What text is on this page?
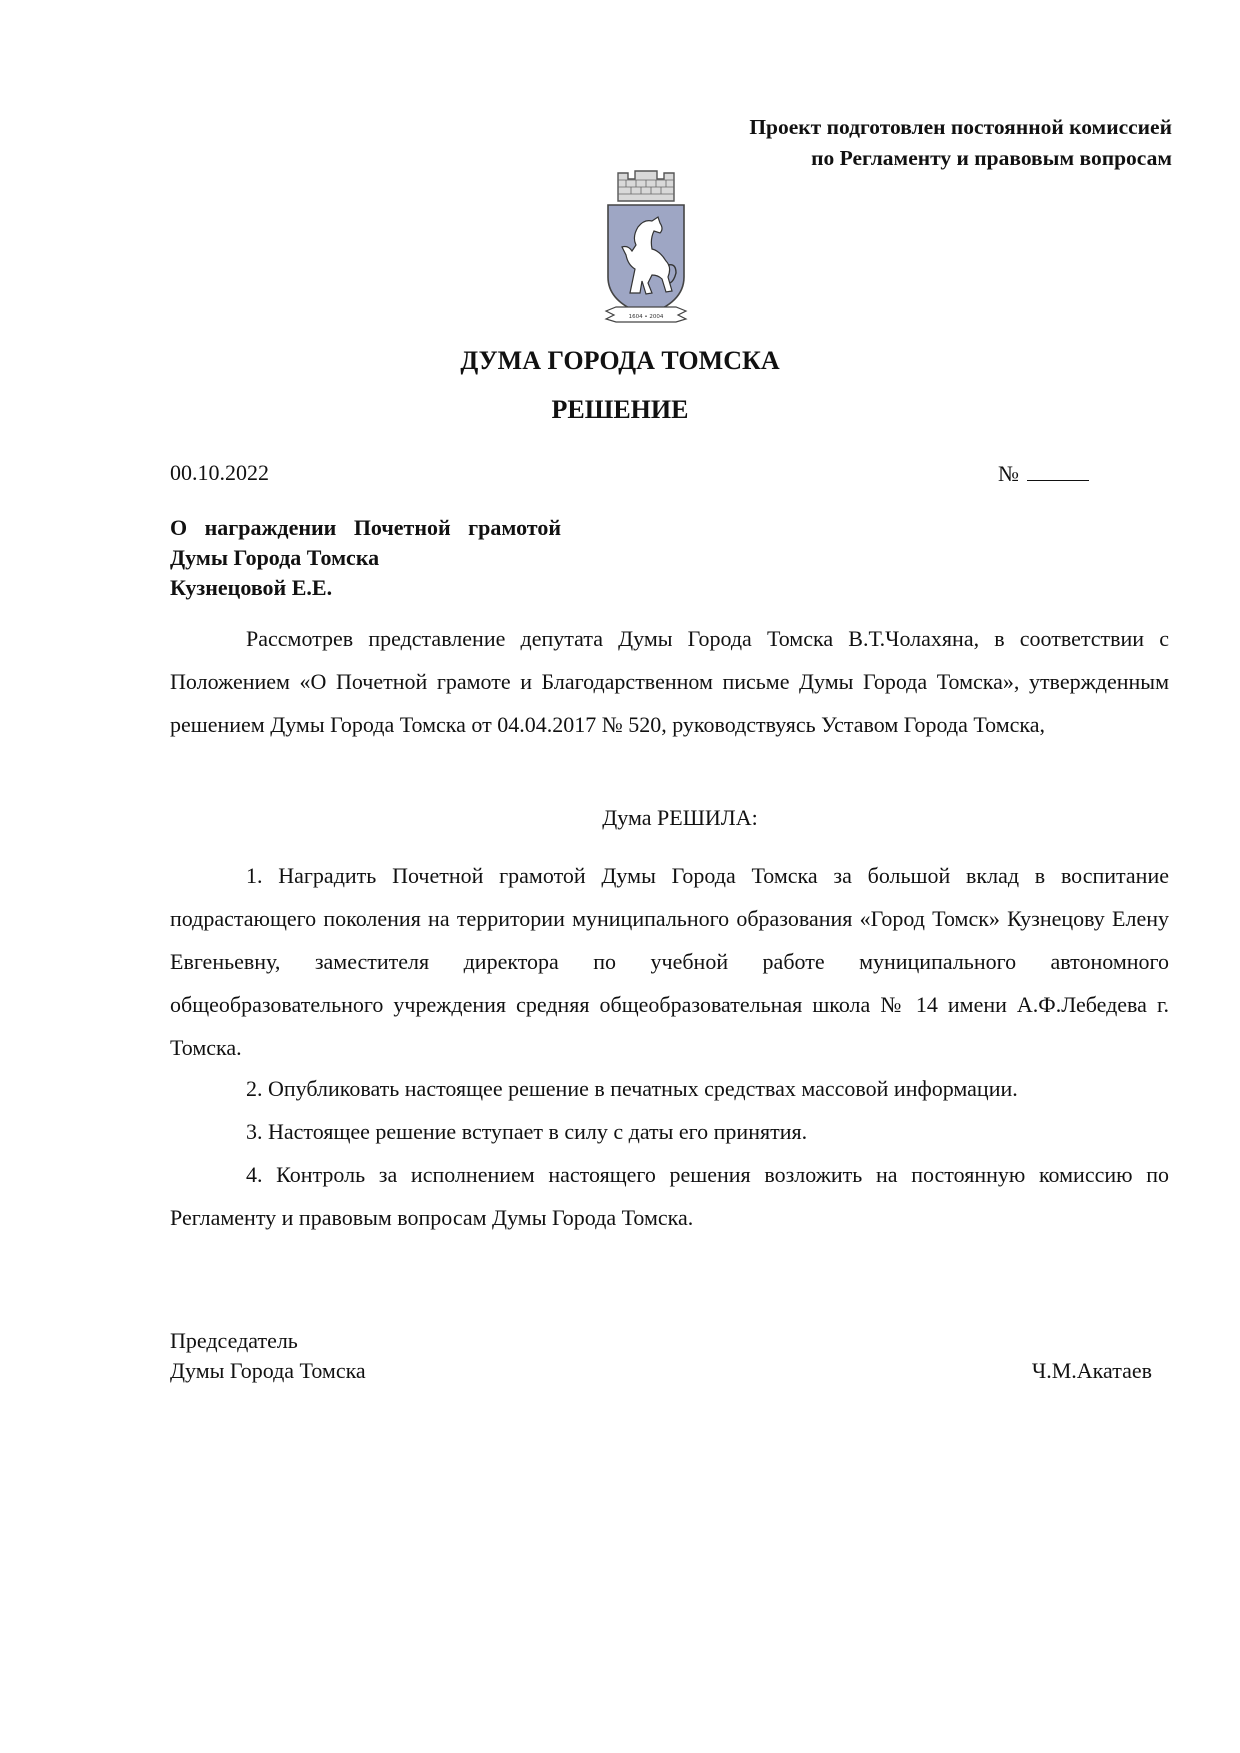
Проект подготовлен постоянной комиссией
по Регламенту и правовым вопросам
1604 • 2004
ДУМА ГОРОДА ТОМСКА
РЕШЕНИЕ
00.10.2022	№
О награждении Почетной грамотой Думы Города Томска
Кузнецовой Е.Е.

Рассмотрев представление депутата Думы Города Томска В.Т.Чолахяна, в соответствии с Положением «О Почетной грамоте и Благодарственном письме Думы Города Томска», утвержденным решением Думы Города Томска от 04.04.2017 № 520, руководствуясь Уставом Города Томска,

Дума РЕШИЛА:

1. Наградить Почетной грамотой Думы Города Томска за большой вклад в воспитание подрастающего поколения на территории муниципального образования «Город Томск» Кузнецову Елену Евгеньевну, заместителя директора по учебной работе муниципального автономного общеобразовательного учреждения средняя общеобразовательная школа № 14 имени А.Ф.Лебедева г. Томска.

2. Опубликовать настоящее решение в печатных средствах массовой информации.

3. Настоящее решение вступает в силу с даты его принятия.

4. Контроль за исполнением настоящего решения возложить на постоянную комиссию по Регламенту и правовым вопросам Думы Города Томска.

Председатель
Думы Города Томска	Ч.М.Акатаев
